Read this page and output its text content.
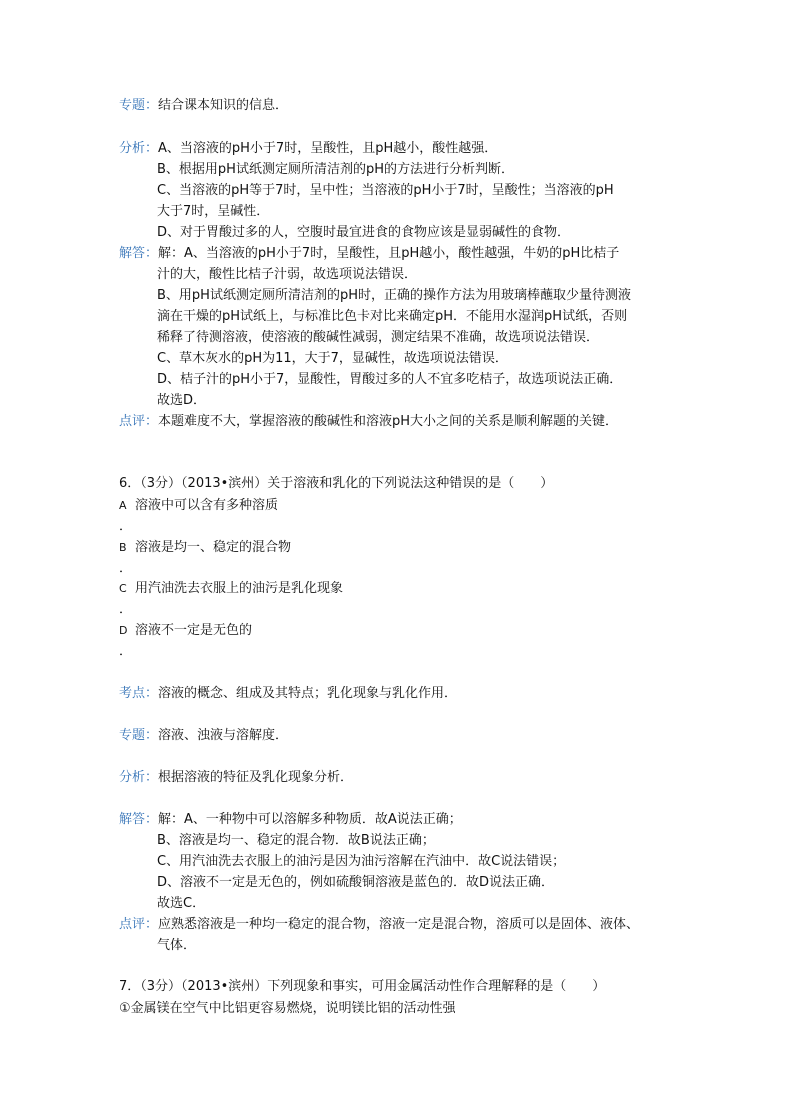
专题：结合课本知识的信息．
分析：A、当溶液的pH小于7时，呈酸性，且pH越小，酸性越强．
B、根据用pH试纸测定厕所清洁剂的pH的方法进行分析判断．
C、当溶液的pH等于7时，呈中性；当溶液的pH小于7时，呈酸性；当溶液的pH
大于7时，呈碱性．
D、对于胃酸过多的人，空腹时最宜进食的食物应该是显弱碱性的食物．
解答：解：A、当溶液的pH小于7时，呈酸性，且pH越小，酸性越强，牛奶的pH比桔子
汁的大，酸性比桔子汁弱，故选项说法错误．
B、用pH试纸测定厕所清洁剂的pH时，正确的操作方法为用玻璃棒蘸取少量待测液
滴在干燥的pH试纸上，与标准比色卡对比来确定pH．不能用水湿润pH试纸，否则
稀释了待测溶液，使溶液的酸碱性减弱，测定结果不准确，故选项说法错误．
C、草木灰水的pH为11，大于7，显碱性，故选项说法错误．
D、桔子汁的pH小于7，显酸性，胃酸过多的人不宜多吃桔子，故选项说法正确．
故选D．
点评：本题难度不大，掌握溶液的酸碱性和溶液pH大小之间的关系是顺利解题的关键．
6．（3分）（2013•滨州）关于溶液和乳化的下列说法这种错误的是（　　）
A 溶液中可以含有多种溶质
．
B 溶液是均一、稳定的混合物
．
C 用汽油洗去衣服上的油污是乳化现象
．
D 溶液不一定是无色的
．
考点：溶液的概念、组成及其特点；乳化现象与乳化作用．
专题：溶液、浊液与溶解度．
分析：根据溶液的特征及乳化现象分析．
解答：解：A、一种物中可以溶解多种物质．故A说法正确；
B、溶液是均一、稳定的混合物．故B说法正确；
C、用汽油洗去衣服上的油污是因为油污溶解在汽油中．故C说法错误；
D、溶液不一定是无色的，例如硫酸铜溶液是蓝色的．故D说法正确．
故选C．
点评：应熟悉溶液是一种均一稳定的混合物，溶液一定是混合物，溶质可以是固体、液体、
气体．
7．（3分）（2013•滨州）下列现象和事实，可用金属活动性作合理解释的是（　　）
①金属镁在空气中比铝更容易燃烧，说明镁比铝的活动性强
